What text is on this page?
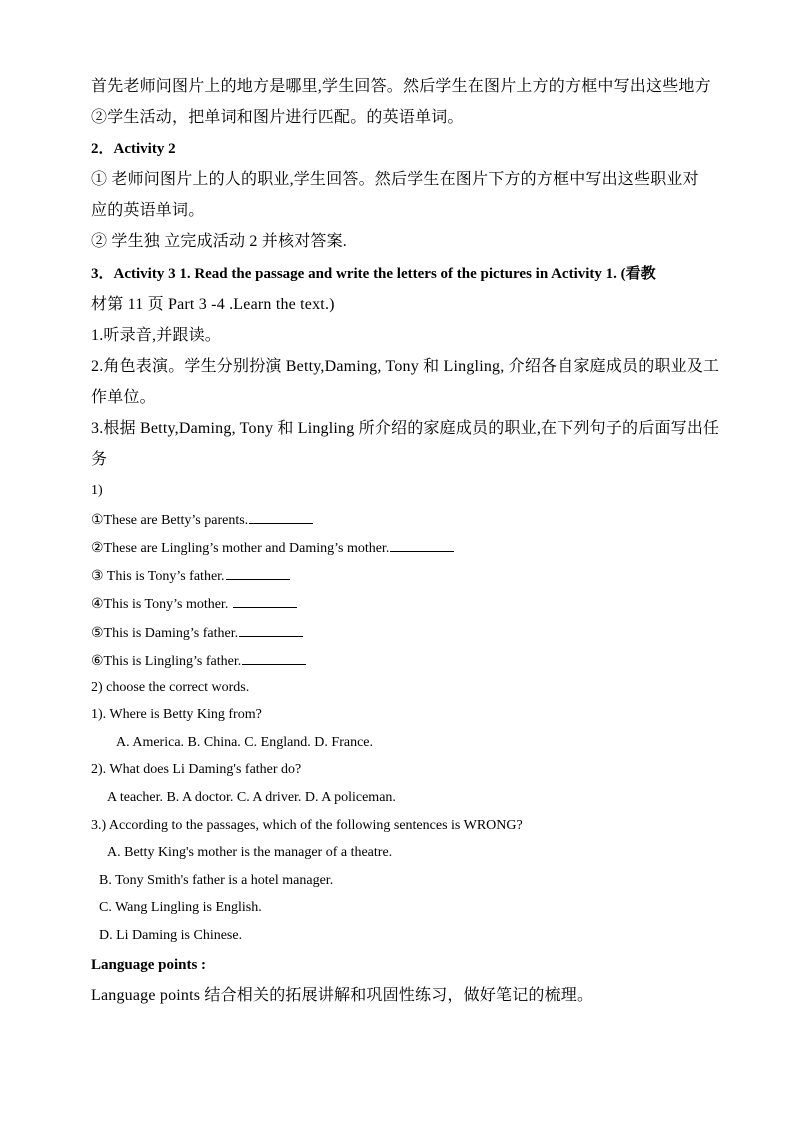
首先老师问图片上的地方是哪里,学生回答。然后学生在图片上方的方框中写出这些地方
②学生活动，把单词和图片进行匹配。的英语单词。
2．Activity 2
① 老师问图片上的人的职业,学生回答。然后学生在图片下方的方框中写出这些职业对
应的英语单词。
② 学生独 立完成活动 2 并核对答案.
3．Activity 3 1. Read the passage and write the letters of the pictures in Activity 1. (看教
材第 11 页 Part 3 -4 .Learn the text.)
1.听录音,并跟读。
2.角色表演。学生分别扮演 Betty,Daming, Tony 和 Lingling, 介绍各自家庭成员的职业及工
作单位。
3.根据 Betty,Daming, Tony 和 Lingling 所介绍的家庭成员的职业,在下列句子的后面写出任
务
1)
①These are Betty’s parents.
②These are Lingling’s mother and Daming’s mother.
③ This is Tony’s father.
④This is Tony’s mother.
⑤This is Daming’s father.
⑥This is Lingling’s father.
2) choose the correct words.
1). Where is Betty King from?
A. America. B. China. C. England. D. France.
2). What does Li Daming's father do?
A teacher. B. A doctor. C. A driver. D. A policeman.
3.) According to the passages, which of the following sentences is WRONG?
A. Betty King's mother is the manager of a theatre.
B. Tony Smith's father is a hotel manager.
C. Wang Lingling is English.
D. Li Daming is Chinese.
Language points :
Language points 结合相关的拓展讲解和巩固性练习，做好笔记的梳理。
